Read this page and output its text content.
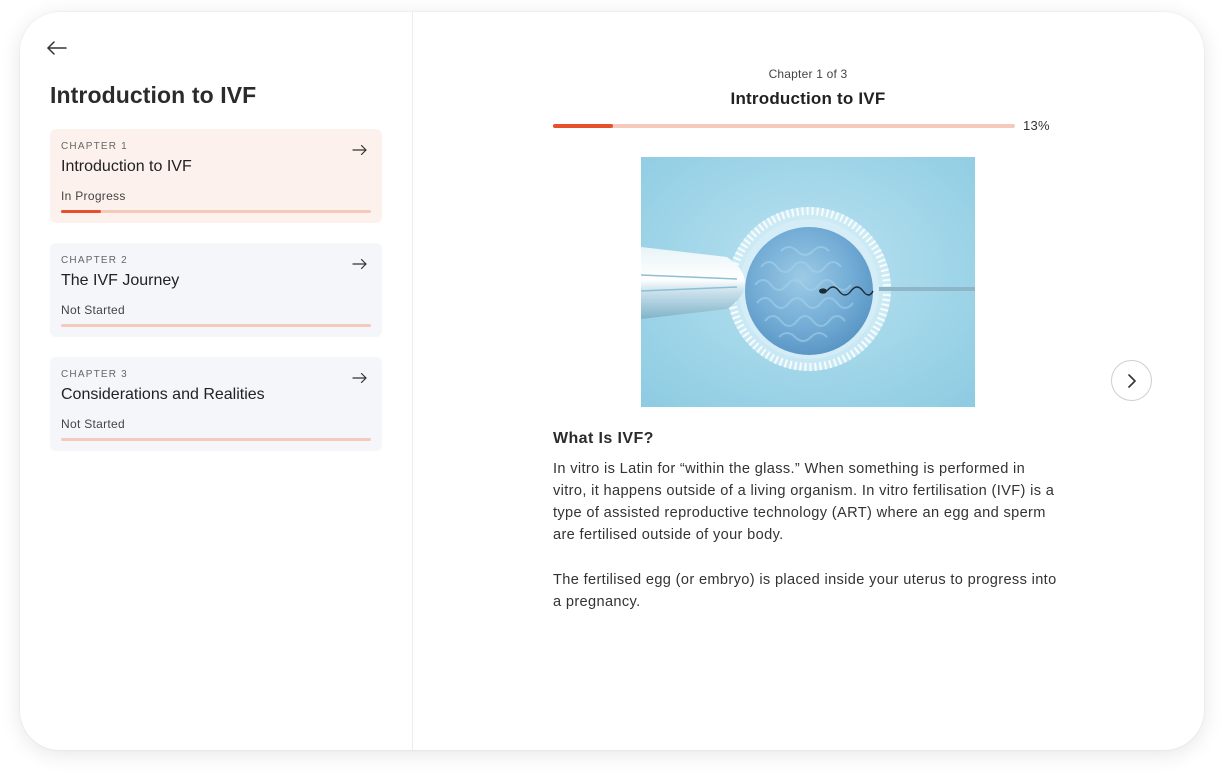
Introduction to IVF
CHAPTER 1
Introduction to IVF
In Progress
CHAPTER 2
The IVF Journey
Not Started
CHAPTER 3
Considerations and Realities
Not Started
Chapter 1 of 3
Introduction to IVF
13%
What Is IVF?

In vitro is Latin for “within the glass.” When something is performed in vitro, it happens outside of a living organism. In vitro fertilisation (IVF) is a type of assisted reproductive technology (ART) where an egg and sperm are fertilised outside of your body.

The fertilised egg (or embryo) is placed inside your uterus to progress into a pregnancy.
